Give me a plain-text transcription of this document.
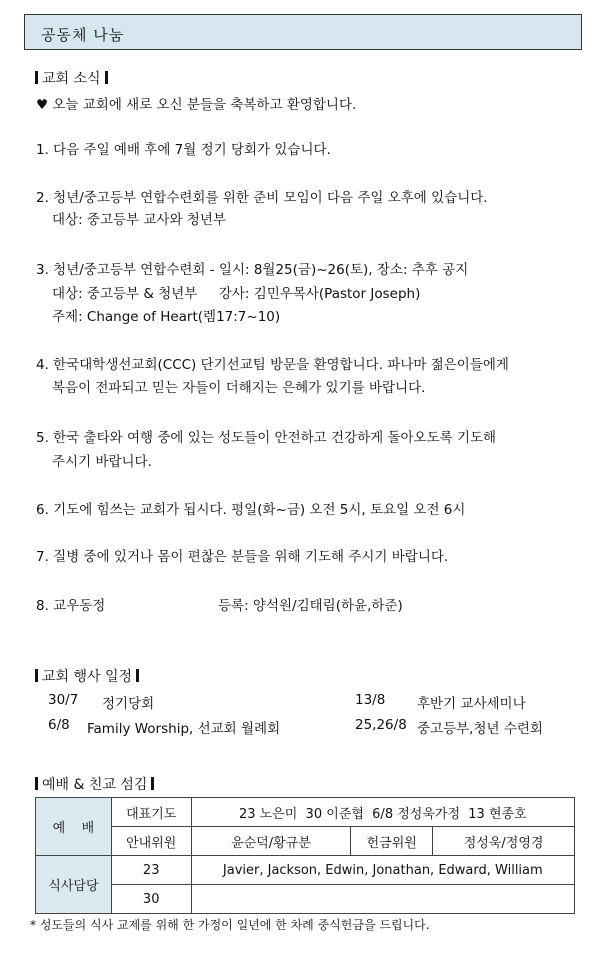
공동체 나눔
교회 소식
♥ 오늘 교회에 새로 오신 분들을 축복하고 환영합니다.
1. 다음 주일 예배 후에 7월 정기 당회가 있습니다.
2. 청년/중고등부 연합수련회를 위한 준비 모임이 다음 주일 오후에 있습니다.
대상: 중고등부 교사와 청년부
3. 청년/중고등부 연합수련회 - 일시: 8월25(금)~26(토), 장소: 추후 공지
대상: 중고등부 & 청년부     강사: 김민우목사(Pastor Joseph)
주제: Change of Heart(렘17:7~10)
4. 한국대학생선교회(CCC) 단기선교팀 방문을 환영합니다. 파나마 젊은이들에게
복음이 전파되고 믿는 자들이 더해지는 은혜가 있기를 바랍니다.
5. 한국 출타와 여행 중에 있는 성도들이 안전하고 건강하게 돌아오도록 기도해
주시기 바랍니다.
6. 기도에 힘쓰는 교회가 됩시다. 평일(화~금) 오전 5시, 토요일 오전 6시
7. 질병 중에 있거나 몸이 편찮은 분들을 위해 기도해 주시기 바랍니다.
8. 교우동정	등록: 양석원/김태림(하윤,하준)
교회 행사 일정
30/7 정기당회	13/8 후반기 교사세미나
6/8 Family Worship, 선교회 월례회	25,26/8 중고등부,청년 수련회
예배 & 친교 섬김
예    배	대표기도	23 노은미  30 이준협  6/8 정성욱가정  13 현종호		
	안내위원	윤순덕/황규분	헌금위원	정성욱/정영경
식사담당	23	Javier, Jackson, Edwin, Jonathan, Edward, William		
	30			
* 성도들의 식사 교제를 위해 한 가정이 일년에 한 차례 중식헌금을 드립니다.
